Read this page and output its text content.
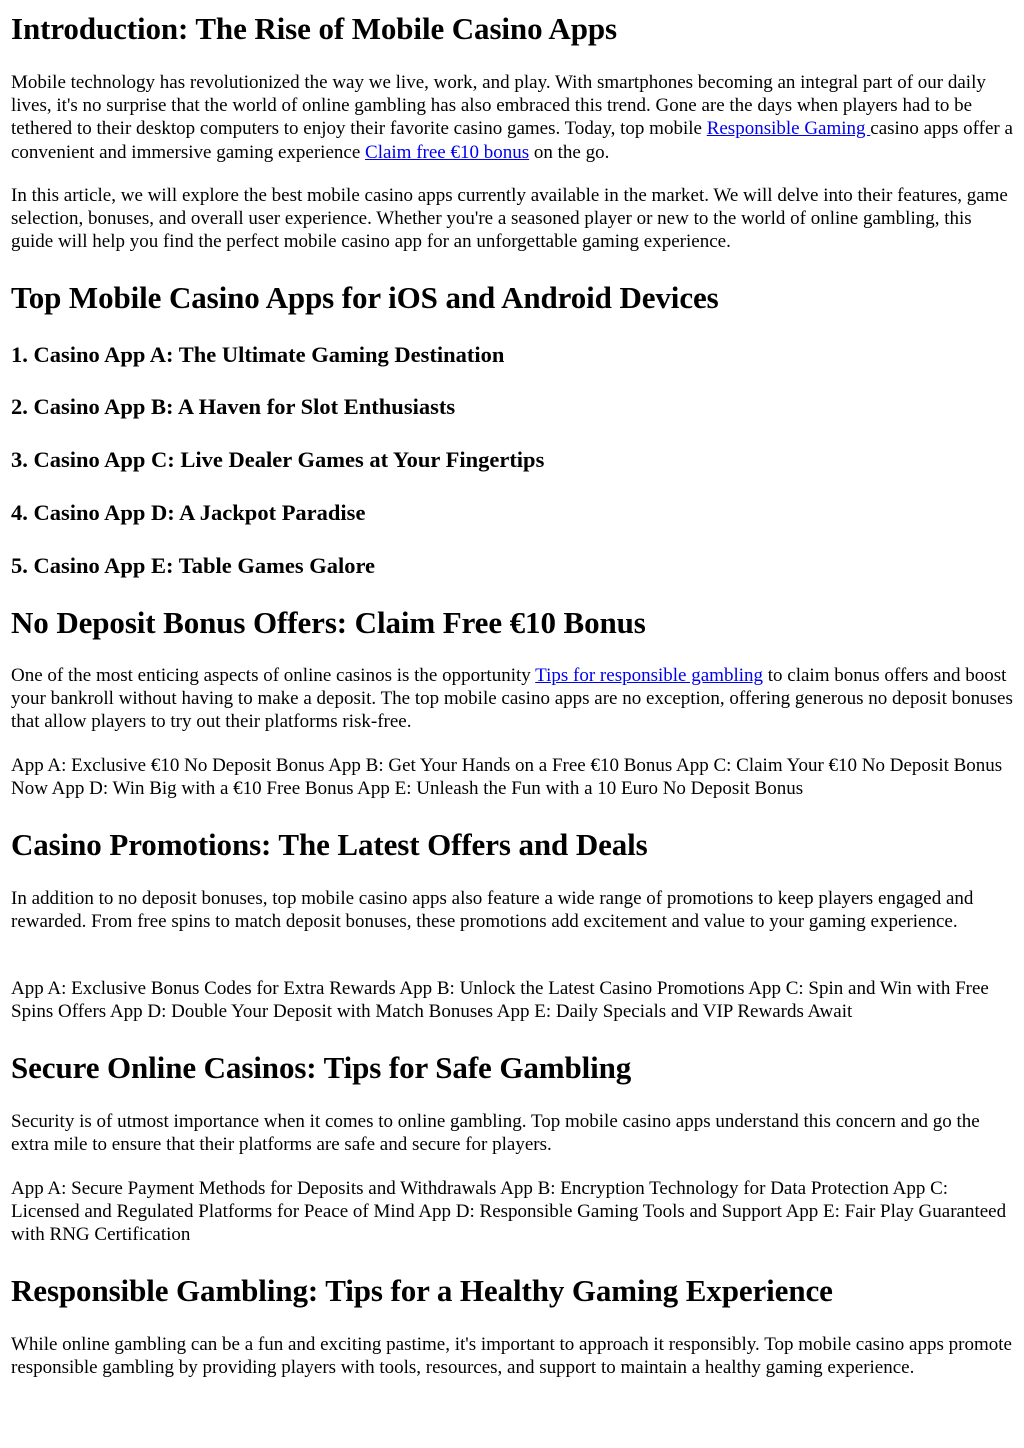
Introduction: The Rise of Mobile Casino Apps

Mobile technology has revolutionized the way we live, work, and play. With smartphones becoming an integral part of our daily lives, it's no surprise that the world of online gambling has also embraced this trend. Gone are the days when players had to be tethered to their desktop computers to enjoy their favorite casino games. Today, top mobile Responsible Gaming casino apps offer a convenient and immersive gaming experience Claim free €10 bonus on the go.

In this article, we will explore the best mobile casino apps currently available in the market. We will delve into their features, game selection, bonuses, and overall user experience. Whether you're a seasoned player or new to the world of online gambling, this guide will help you find the perfect mobile casino app for an unforgettable gaming experience.

Top Mobile Casino Apps for iOS and Android Devices
1. Casino App A: The Ultimate Gaming Destination
2. Casino App B: A Haven for Slot Enthusiasts
3. Casino App C: Live Dealer Games at Your Fingertips
4. Casino App D: A Jackpot Paradise
5. Casino App E: Table Games Galore
No Deposit Bonus Offers: Claim Free €10 Bonus

One of the most enticing aspects of online casinos is the opportunity Tips for responsible gambling to claim bonus offers and boost your bankroll without having to make a deposit. The top mobile casino apps are no exception, offering generous no deposit bonuses that allow players to try out their platforms risk-free.

App A: Exclusive €10 No Deposit Bonus App B: Get Your Hands on a Free €10 Bonus App C: Claim Your €10 No Deposit Bonus Now App D: Win Big with a €10 Free Bonus App E: Unleash the Fun with a 10 Euro No Deposit Bonus

Casino Promotions: The Latest Offers and Deals

In addition to no deposit bonuses, top mobile casino apps also feature a wide range of promotions to keep players engaged and rewarded. From free spins to match deposit bonuses, these promotions add excitement and value to your gaming experience.

App A: Exclusive Bonus Codes for Extra Rewards App B: Unlock the Latest Casino Promotions App C: Spin and Win with Free Spins Offers App D: Double Your Deposit with Match Bonuses App E: Daily Specials and VIP Rewards Await

Secure Online Casinos: Tips for Safe Gambling

Security is of utmost importance when it comes to online gambling. Top mobile casino apps understand this concern and go the extra mile to ensure that their platforms are safe and secure for players.

App A: Secure Payment Methods for Deposits and Withdrawals App B: Encryption Technology for Data Protection App C: Licensed and Regulated Platforms for Peace of Mind App D: Responsible Gaming Tools and Support App E: Fair Play Guaranteed with RNG Certification

Responsible Gambling: Tips for a Healthy Gaming Experience

While online gambling can be a fun and exciting pastime, it's important to approach it responsibly. Top mobile casino apps promote responsible gambling by providing players with tools, resources, and support to maintain a healthy gaming experience.
